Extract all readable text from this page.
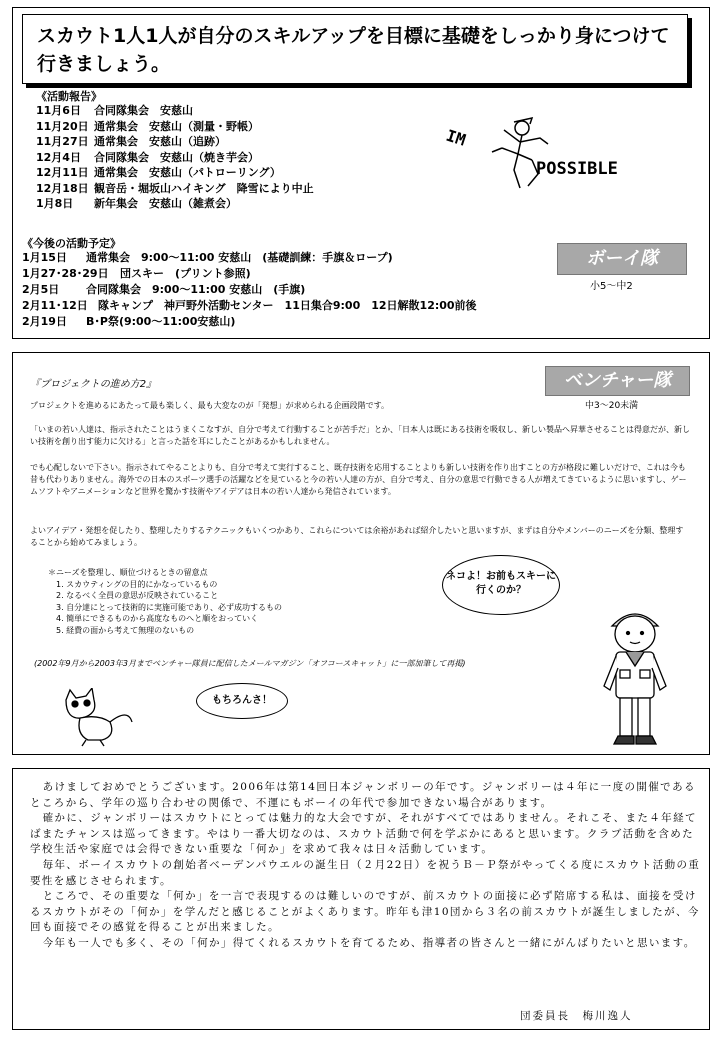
スカウト1人1人が自分のスキルアップを目標に基礎をしっかり身につけて行きましょう。
《活動報告》
11月6日	合同隊集会　安慈山
11月20日 通常集会　安慈山（測量・野帳）
11月27日 通常集会　安慈山（追跡）
12月4日	合同隊集会　安慈山（焼き芋会）
12月11日 通常集会　安慈山（パトローリング）
12月18日 観音岳・堀坂山ハイキング　降雪により中止
1月8日	新年集会　安慈山（雑煮会）
IM
POSSIBLE
《今後の活動予定》
1月15日	通常集会　9:00～11:00 安慈山　(基礎訓練：手旗＆ロープ)
1月27･28･29日	団スキー　(プリント参照)
2月5日	合同隊集会　9:00～11:00 安慈山　(手旗)
2月11･12日 隊キャンプ　神戸野外活動センター　11日集合9:00　12日解散12:00前後
2月19日	B･P祭(9:00～11:00安慈山)
ボーイ隊
小5～中2
ベンチャー隊
中3～20未満
『プロジェクトの進め方2』
プロジェクトを進めるにあたって最も楽しく、最も大変なのが「発想」が求められる企画段階です。
「いまの若い人達は、指示されたことはうまくこなすが、自分で考えて行動することが苦手だ」とか、「日本人は既にある技術を吸収し、新しい製品へ昇華させることは得意だが、新しい技術を創り出す能力に欠ける」と言った話を耳にしたことがあるかもしれません。
でも心配しないで下さい。指示されてやることよりも、自分で考えて実行すること、既存技術を応用することよりも新しい技術を作り出すことの方が格段に難しいだけで、これは今も昔も代わりありません。海外での日本のスポーツ選手の活躍などを見ていると今の若い人達の方が、自分で考え、自分の意思で行動できる人が増えてきているように思いますし、ゲームソフトやアニメーションなど世界を驚かす技術やアイデアは日本の若い人達から発信されています。
よいアイデア・発想を促したり、整理したりするテクニックもいくつかあり、これらについては余裕があれば紹介したいと思いますが、まずは自分やメンバーのニーズを分類、整理することから始めてみましょう。
＊ニーズを整理し、順位づけるときの留意点
1. スカウティングの目的にかなっているもの
2. なるべく全員の意思が反映されていること
3. 自分達にとって技術的に実施可能であり、必ず成功するもの
4. 簡単にできるものから高度なものへと順をおっていく
5. 経費の面から考えて無理のないもの
(2002年9月から2003年3月までベンチャー隊員に配信したメールマガジン「オフコースキャット」に一部加筆して再掲)
ネコよ！お前もスキーに行くのか？
もちろんさ！

あけましておめでとうございます。2006年は第14回日本ジャンボリーの年です。ジャンボリーは４年に一度の開催であるところから、学年の巡り合わせの関係で、不運にもボーイの年代で参加できない場合があります。

確かに、ジャンボリーはスカウトにとっては魅力的な大会ですが、それがすべてではありません。それこそ、また４年経てばまたチャンスは巡ってきます。やはり一番大切なのは、スカウト活動で何を学ぶかにあると思います。クラブ活動を含めた学校生活や家庭では会得できない重要な「何か」を求めて我々は日々活動しています。

毎年、ボーイスカウトの創始者ベーデンパウエルの誕生日（２月22日）を祝うＢ－Ｐ祭がやってくる度にスカウト活動の重要性を感じさせられます。

ところで、その重要な「何か」を一言で表現するのは難しいのですが、前スカウトの面接に必ず陪席する私は、面接を受けるスカウトがその「何か」を学んだと感じることがよくあります。昨年も津10団から３名の前スカウトが誕生しましたが、今回も面接でその感覚を得ることが出来ました。

今年も一人でも多く、その「何か」得てくれるスカウトを育てるため、指導者の皆さんと一緒にがんばりたいと思います。

団委員長　梅川逸人
